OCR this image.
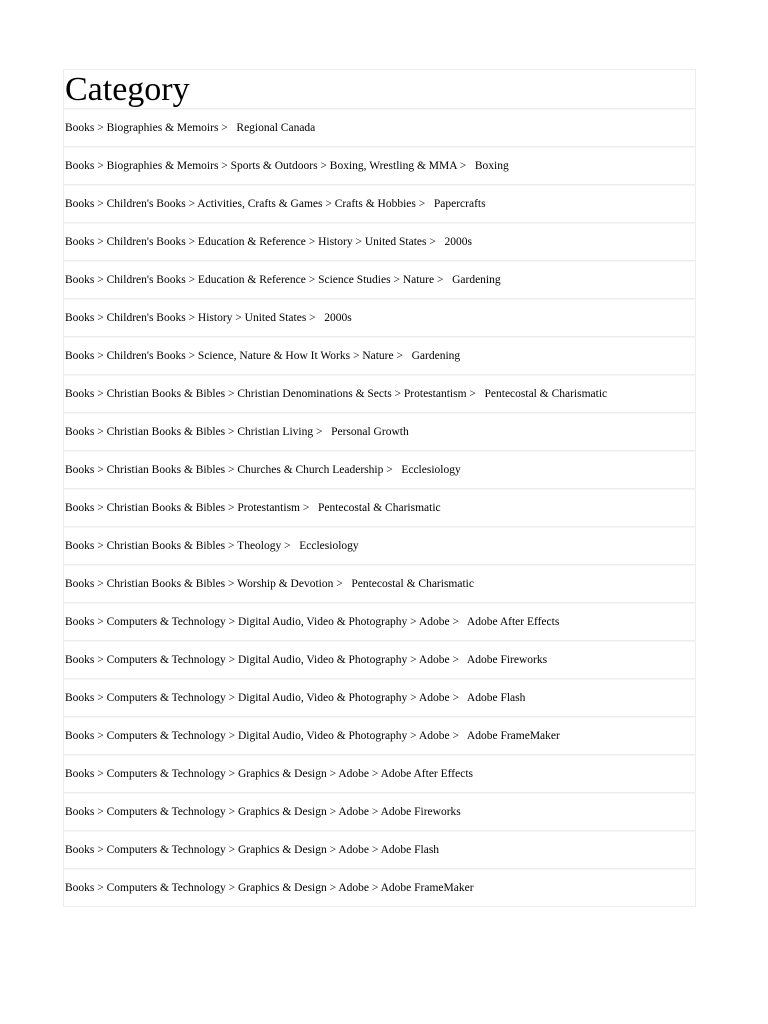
Category
Books > Biographies & Memoirs >   Regional Canada
Books > Biographies & Memoirs > Sports & Outdoors > Boxing, Wrestling & MMA >   Boxing
Books > Children's Books > Activities, Crafts & Games > Crafts & Hobbies >   Papercrafts
Books > Children's Books > Education & Reference > History > United States >   2000s
Books > Children's Books > Education & Reference > Science Studies > Nature >   Gardening
Books > Children's Books > History > United States >   2000s
Books > Children's Books > Science, Nature & How It Works > Nature >   Gardening
Books > Christian Books & Bibles > Christian Denominations & Sects > Protestantism >   Pentecostal & Charismatic
Books > Christian Books & Bibles > Christian Living >   Personal Growth
Books > Christian Books & Bibles > Churches & Church Leadership >   Ecclesiology
Books > Christian Books & Bibles > Protestantism >   Pentecostal & Charismatic
Books > Christian Books & Bibles > Theology >   Ecclesiology
Books > Christian Books & Bibles > Worship & Devotion >   Pentecostal & Charismatic
Books > Computers & Technology > Digital Audio, Video & Photography > Adobe >   Adobe After Effects
Books > Computers & Technology > Digital Audio, Video & Photography > Adobe >   Adobe Fireworks
Books > Computers & Technology > Digital Audio, Video & Photography > Adobe >   Adobe Flash
Books > Computers & Technology > Digital Audio, Video & Photography > Adobe >   Adobe FrameMaker
Books > Computers & Technology > Graphics & Design > Adobe > Adobe After Effects
Books > Computers & Technology > Graphics & Design > Adobe > Adobe Fireworks
Books > Computers & Technology > Graphics & Design > Adobe > Adobe Flash
Books > Computers & Technology > Graphics & Design > Adobe > Adobe FrameMaker
